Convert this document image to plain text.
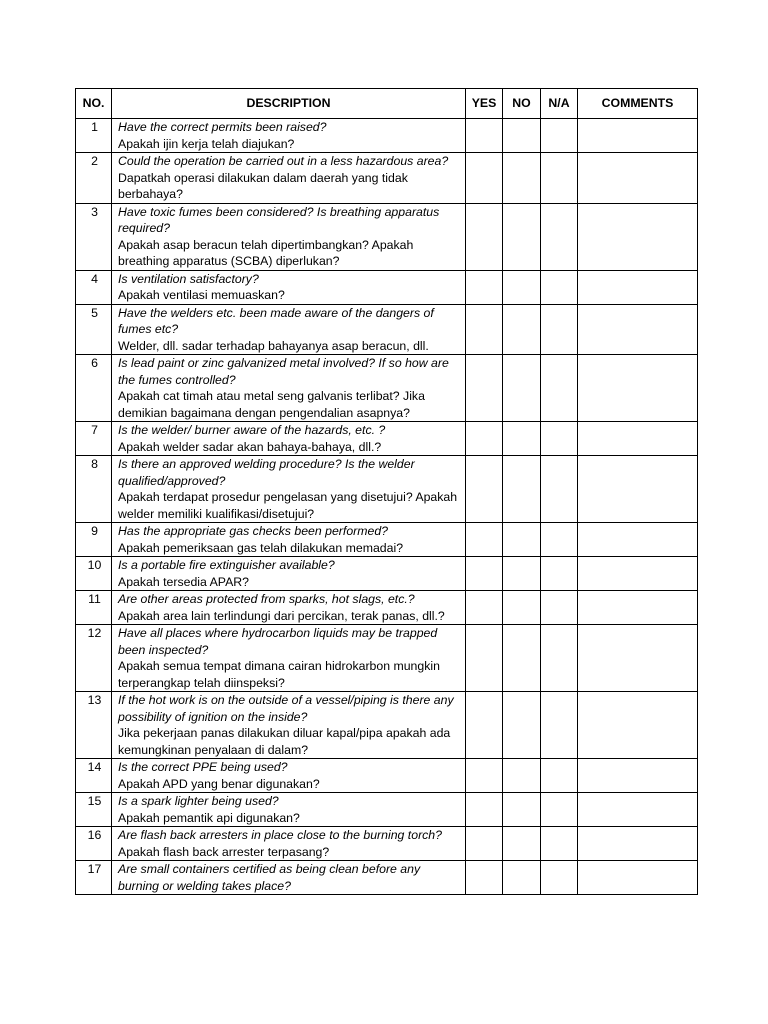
NO.	DESCRIPTION	YES	NO	N/A	COMMENTS
1	Have the correct permits been raised?
Apakah ijin kerja telah diajukan?				

2	Could the operation be carried out in a less hazardous area?
Dapatkah operasi dilakukan dalam daerah yang tidak berbahaya?				

3	Have toxic fumes been considered? Is breathing apparatus required?
Apakah asap beracun telah dipertimbangkan? Apakah breathing apparatus (SCBA) diperlukan?				

4	Is ventilation satisfactory?
Apakah ventilasi memuaskan?				

5	Have the welders etc. been made aware of the dangers of fumes etc?
Welder, dll. sadar terhadap bahayanya asap beracun, dll.				

6	Is lead paint or zinc galvanized metal involved? If so how are the fumes controlled?
Apakah cat timah atau metal seng galvanis terlibat? Jika demikian bagaimana dengan pengendalian asapnya?				

7	Is the welder/ burner aware of the hazards, etc. ?
Apakah welder sadar akan bahaya-bahaya, dll.?				

8	Is there an approved welding procedure? Is the welder qualified/approved?
Apakah terdapat prosedur pengelasan yang disetujui? Apakah welder memiliki kualifikasi/disetujui?				

9	Has the appropriate gas checks been performed?
Apakah pemeriksaan gas telah dilakukan memadai?				

10	Is a portable fire extinguisher available?
Apakah tersedia APAR?				

11	Are other areas protected from sparks, hot slags, etc.?
Apakah area lain terlindungi dari percikan, terak panas, dll.?				

12	Have all places where hydrocarbon liquids may be trapped been inspected?
Apakah semua tempat dimana cairan hidrokarbon mungkin terperangkap telah diinspeksi?				

13	If the hot work is on the outside of a vessel/piping is there any possibility of ignition on the inside?
Jika pekerjaan panas dilakukan diluar kapal/pipa apakah ada kemungkinan penyalaan di dalam?				

14	Is the correct PPE being used?
Apakah APD yang benar digunakan?				

15	Is a spark lighter being used?
Apakah pemantik api digunakan?				

16	Are flash back arresters in place close to the burning torch?
Apakah flash back arrester terpasang?				

17	Are small containers certified as being clean before any burning or welding takes place?				
